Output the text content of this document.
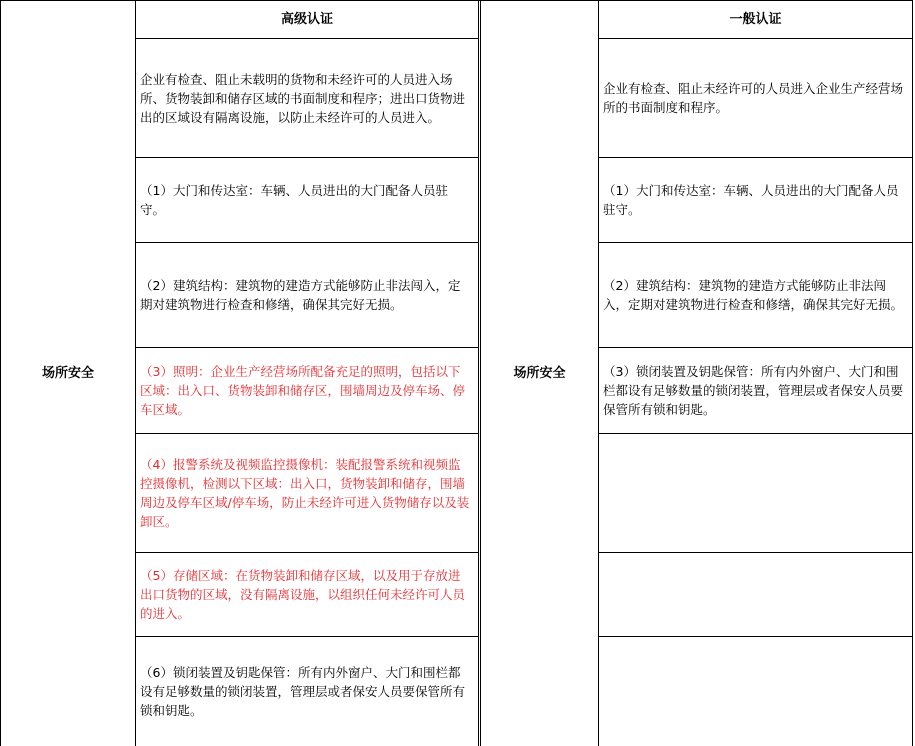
高级认证
场所安全
企业有检查、阻止未载明的货物和未经许可的人员进入场所、货物装卸和储存区域的书面制度和程序；进出口货物进出的区域设有隔离设施，以防止未经许可的人员进入。
（1）大门和传达室：车辆、人员进出的大门配备人员驻守。
（2）建筑结构：建筑物的建造方式能够防止非法闯入，定期对建筑物进行检查和修缮，确保其完好无损。
（3）照明：企业生产经营场所配备充足的照明，包括以下区域：出入口、货物装卸和储存区，围墙周边及停车场、停车区域。
（4）报警系统及视频监控摄像机：装配报警系统和视频监控摄像机，检测以下区域：出入口，货物装卸和储存，围墙周边及停车区域/停车场，防止未经许可进入货物储存以及装卸区。
（5）存储区域：在货物装卸和储存区域，以及用于存放进出口货物的区域，没有隔离设施，以组织任何未经许可人员的进入。
（6）锁闭装置及钥匙保管：所有内外窗户、大门和围栏都设有足够数量的锁闭装置，管理层或者保安人员要保管所有锁和钥匙。
一般认证
场所安全
企业有检查、阻止未经许可的人员进入企业生产经营场所的书面制度和程序。
（1）大门和传达室：车辆、人员进出的大门配备人员驻守。
（2）建筑结构：建筑物的建造方式能够防止非法闯入，定期对建筑物进行检查和修缮，确保其完好无损。
（3）锁闭装置及钥匙保管：所有内外窗户、大门和围栏都设有足够数量的锁闭装置，管理层或者保安人员要保管所有锁和钥匙。
